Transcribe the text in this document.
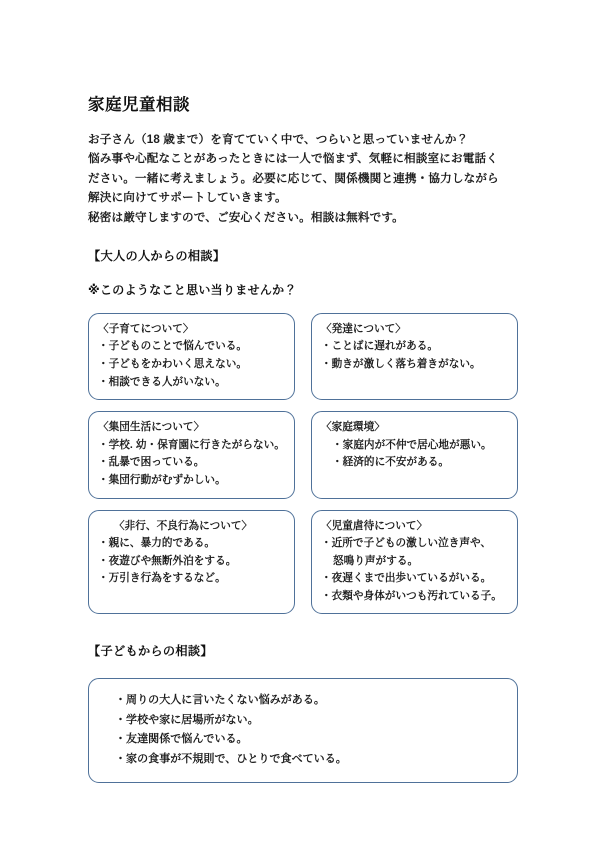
家庭児童相談
お子さん（18 歳まで）を育てていく中で、つらいと思っていませんか？
悩み事や心配なことがあったときには一人で悩まず、気軽に相談室にお電話く
ださい。一緒に考えましょう。必要に応じて、関係機関と連携・協力しながら
解決に向けてサポートしていきます。
秘密は厳守しますので、ご安心ください。相談は無料です。
【大人の人からの相談】
※このようなこと思い当りませんか？
〈子育てについて〉
・子どものことで悩んでいる。
・子どもをかわいく思えない。
・相談できる人がいない。
〈発達について〉
・ことばに遅れがある。
・動きが激しく落ち着きがない。
〈集団生活について〉
・学校. 幼・保育園に行きたがらない。
・乱暴で困っている。
・集団行動がむずかしい。
〈家庭環境〉
・家庭内が不仲で居心地が悪い。
・経済的に不安がある。
〈非行、不良行為について〉
・親に、暴力的である。
・夜遊びや無断外泊をする。
・万引き行為をするなど。
〈児童虐待について〉
・近所で子どもの激しい泣き声や、
怒鳴り声がする。
・夜遅くまで出歩いているがいる。
・衣類や身体がいつも汚れている子。
【子どもからの相談】
・周りの大人に言いたくない悩みがある。
・学校や家に居場所がない。
・友達関係で悩んでいる。
・家の食事が不規則で、ひとりで食べている。
